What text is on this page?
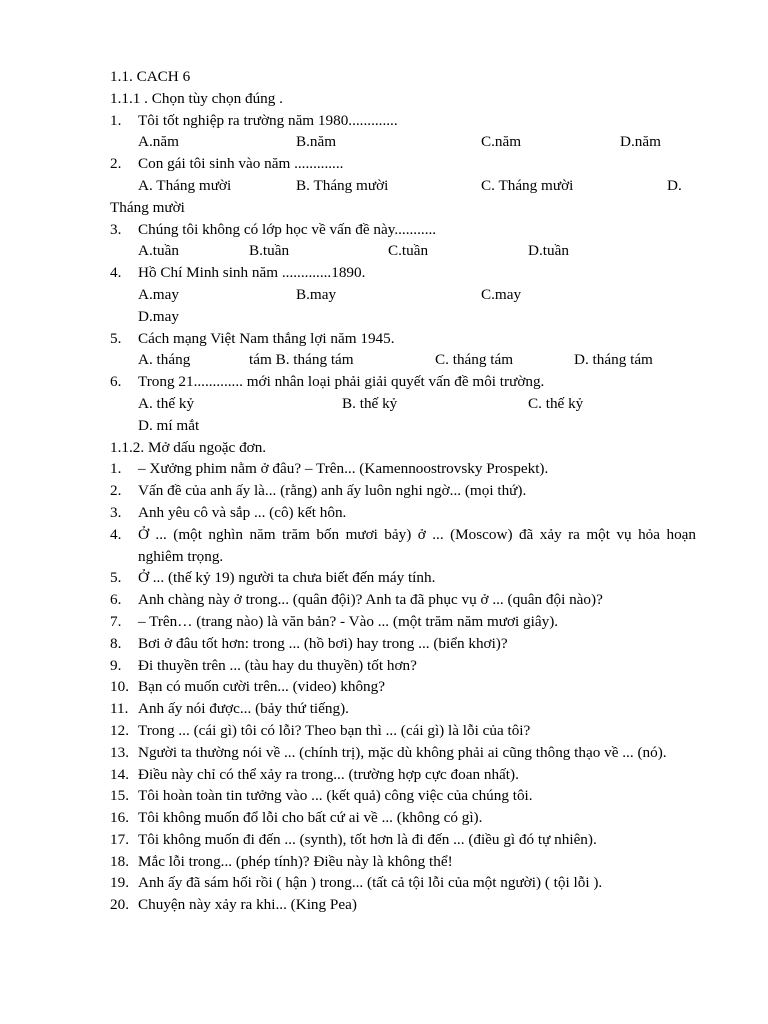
1.1. CACH 6
1.1.1 . Chọn tùy chọn đúng .
1.	Tôi tốt nghiệp ra trường năm 1980.............
A.năm	B.năm	C.năm	D.năm
2.	Con gái tôi sinh vào năm .............
A. Tháng mười	B. Tháng mười	C. Tháng mười	D.
Tháng mười
3.	Chúng tôi không có lớp học về vấn đề này...........
A.tuần	B.tuần	C.tuần	D.tuần
4.	Hồ Chí Minh sinh năm .............1890.
A.may	B.may	C.may
D.may
5.	Cách mạng Việt Nam thắng lợi năm 1945.
A. tháng	tám B. tháng tám	C. tháng tám	D. tháng tám
6.	Trong 21............. mới nhân loại phải giải quyết vấn đề môi trường.
A. thế kỷ	B. thế kỷ	C. thế kỷ
D. mí mắt
1.1.2. Mở dấu ngoặc đơn.
1.	– Xưởng phim nằm ở đâu? – Trên... (Kamennoostrovsky Prospekt).
2.	Vấn đề của anh ấy là... (rằng) anh ấy luôn nghi ngờ... (mọi thứ).
3.	Anh yêu cô và sắp ... (cô) kết hôn.
4.	Ở ... (một nghìn năm trăm bốn mươi bảy) ở ... (Moscow) đã xảy ra một vụ hỏa hoạn nghiêm trọng.
5.	Ở ... (thế kỷ 19) người ta chưa biết đến máy tính.
6.	Anh chàng này ở trong... (quân đội)? Anh ta đã phục vụ ở ... (quân đội nào)?
7.	– Trên… (trang nào) là văn bản? - Vào ... (một trăm năm mươi giây).
8.	Bơi ở đâu tốt hơn: trong ... (hồ bơi) hay trong ... (biển khơi)?
9.	Đi thuyền trên ... (tàu hay du thuyền) tốt hơn?
10. Bạn có muốn cười trên... (video) không?
11. Anh ấy nói được... (bảy thứ tiếng).
12. Trong ... (cái gì) tôi có lỗi? Theo bạn thì ... (cái gì) là lỗi của tôi?
13. Người ta thường nói về ... (chính trị), mặc dù không phải ai cũng thông thạo về ... (nó).
14. Điều này chỉ có thể xảy ra trong... (trường hợp cực đoan nhất).
15. Tôi hoàn toàn tin tưởng vào ... (kết quả) công việc của chúng tôi.
16. Tôi không muốn đổ lỗi cho bất cứ ai về ... (không có gì).
17. Tôi không muốn đi đến ... (synth), tốt hơn là đi đến ... (điều gì đó tự nhiên).
18. Mắc lỗi trong... (phép tính)? Điều này là không thể!
19. Anh ấy đã sám hối rồi ( hận ) trong... (tất cả tội lỗi của một người) ( tội lỗi ).
20. Chuyện này xảy ra khi... (King Pea)
